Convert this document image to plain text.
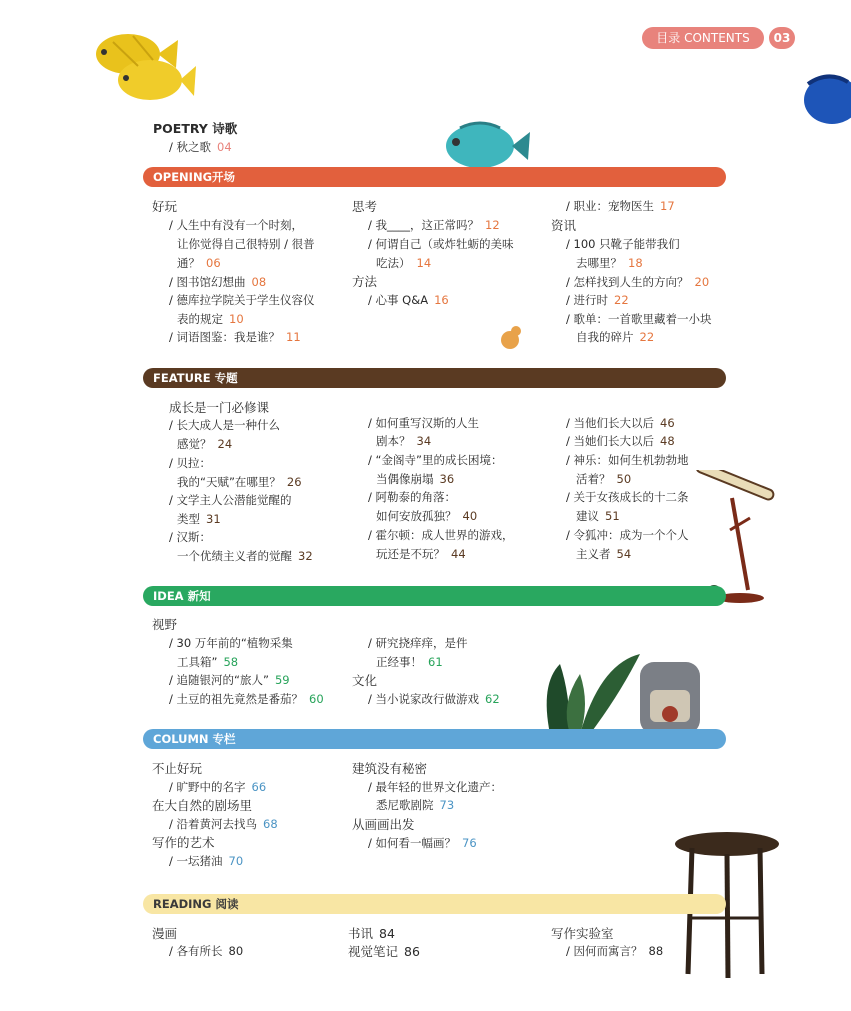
目录 CONTENTS	03
POETRY 诗歌
/ 秋之歌 04
OPENING开场
好玩
/ 人生中有没有一个时刻，
让你觉得自己很特别 / 很普
通？ 06
/ 图书馆幻想曲 08
/ 德库拉学院关于学生仪容仪
表的规定 10
/ 词语图鉴：我是谁？ 11
思考
/ 我____，这正常吗？ 12
/ 何谓自己（或炸牡蛎的美味
吃法） 14
方法
/ 心事 Q&A 16
/ 职业：宠物医生 17
资讯
/ 100 只靴子能带我们
去哪里？ 18
/ 怎样找到人生的方向？ 20
/ 进行时 22
/ 歌单：一首歌里藏着一小块
自我的碎片 22
FEATURE 专题
成长是一门必修课
/ 长大成人是一种什么
感觉？ 24
/ 贝拉：
我的“天赋”在哪里？ 26
/ 文学主人公潜能觉醒的
类型 31
/ 汉斯：
一个优绩主义者的觉醒 32
/ 如何重写汉斯的人生
剧本？ 34
/ “金阁寺”里的成长困境：
当偶像崩塌 36
/ 阿勒泰的角落：
如何安放孤独？ 40
/ 霍尔顿：成人世界的游戏，
玩还是不玩？ 44
/ 当他们长大以后 46
/ 当她们长大以后 48
/ 神乐：如何生机勃勃地
活着？ 50
/ 关于女孩成长的十二条
建议 51
/ 令狐冲：成为一个个人
主义者 54
IDEA 新知
视野
/ 30 万年前的“植物采集
工具箱” 58
/ 追随银河的“旅人” 59
/ 土豆的祖先竟然是番茄？ 60
/ 研究挠痒痒，是件
正经事！ 61
文化
/ 当小说家改行做游戏 62
COLUMN 专栏
不止好玩
/ 旷野中的名字 66
在大自然的剧场里
/ 沿着黄河去找鸟 68
写作的艺术
/ 一坛猪油 70
建筑没有秘密
/ 最年轻的世界文化遗产：
悉尼歌剧院 73
从画画出发
/ 如何看一幅画？ 76
READING 阅读
漫画
/ 各有所长 80
书讯 84
视觉笔记 86
写作实验室
/ 因何而寓言？ 88
